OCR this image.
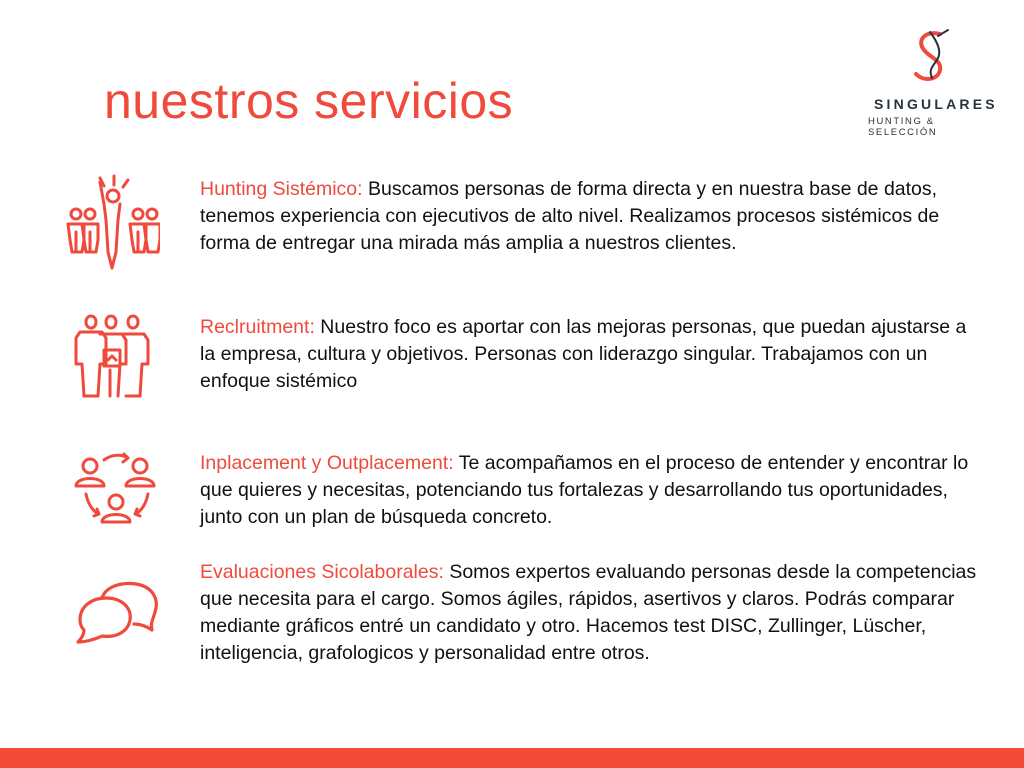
nuestros servicios	SINGULARES
HUNTING & SELECCIÓN
Hunting Sistémico: Buscamos personas de forma directa y en nuestra base de datos, tenemos experiencia con ejecutivos de alto nivel. Realizamos procesos sistémicos de forma de entregar una mirada más amplia a nuestros clientes.
Reclruitment: Nuestro foco es aportar con las mejoras personas, que puedan ajustarse a la empresa, cultura y objetivos. Personas con liderazgo singular. Trabajamos con un enfoque sistémico
Inplacement y Outplacement: Te acompañamos en el proceso de entender y encontrar lo que quieres y necesitas, potenciando tus fortalezas y desarrollando tus oportunidades, junto con un plan de búsqueda concreto.
Evaluaciones Sicolaborales: Somos expertos evaluando personas desde la competencias que necesita para el cargo. Somos ágiles, rápidos, asertivos y claros. Podrás comparar mediante gráficos entré un candidato y otro. Hacemos test DISC, Zullinger, Lüscher, inteligencia, grafologicos y personalidad entre otros.
